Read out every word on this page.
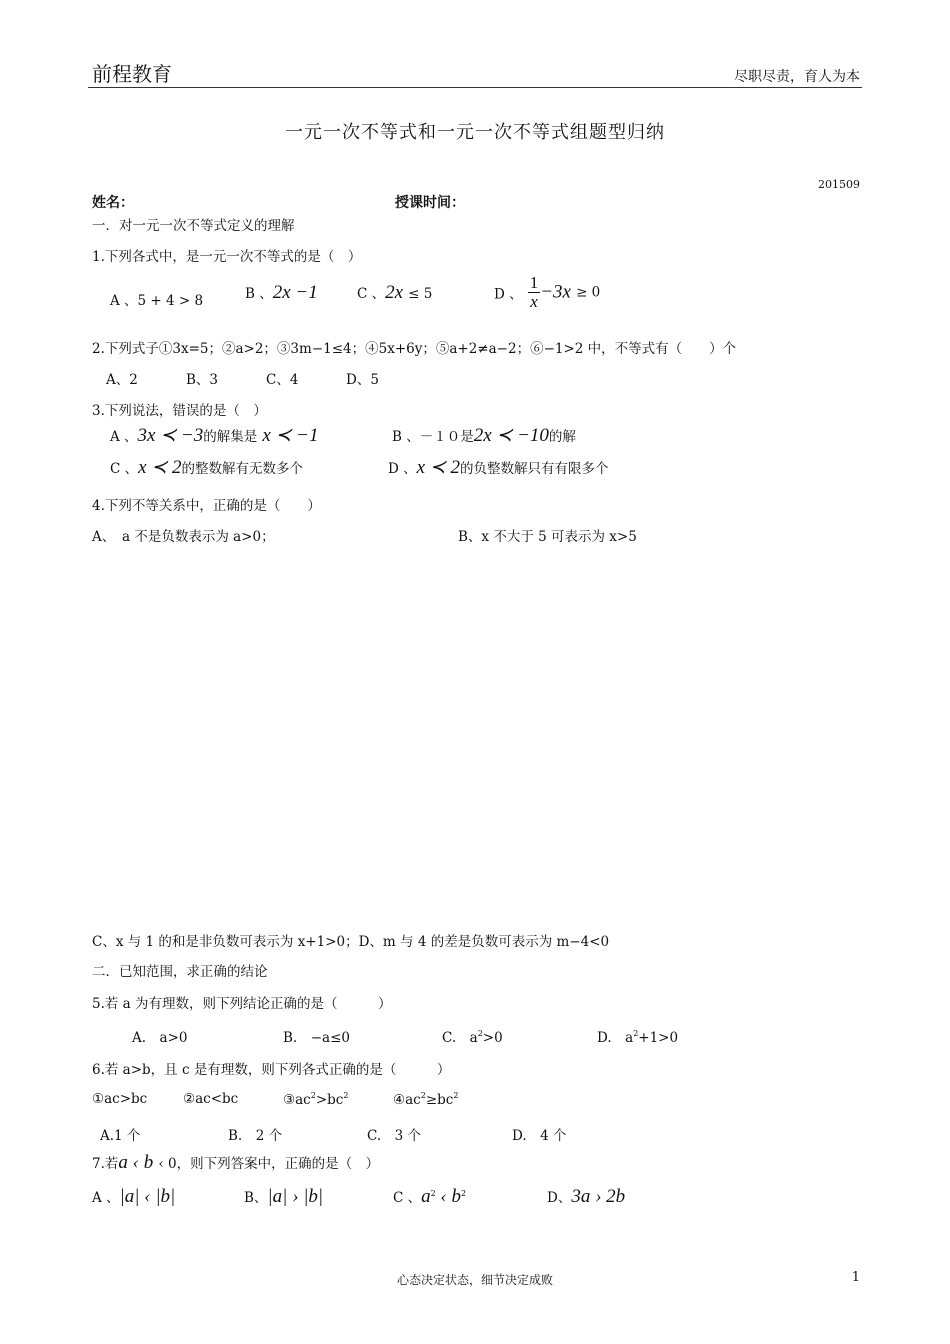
前程教育	尽职尽责，育人为本
一元一次不等式和一元一次不等式组题型归纳
201509
姓名：	授课时间：
一．对一元一次不等式定义的理解
1.下列各式中，是一元一次不等式的是（　）
A 、5 + 4 > 8	B 、2x −1	C 、2x ≤ 5	D 、 $\frac{1}{x} -3x \ge 0$
2.下列式子①3x=5；②a>2；③3m−1≤4；④5x+6y；⑤a+2≠a−2；⑥−1>2 中，不等式有（　　）个
A、2	B、3	C、4	D、5
3.下列说法，错误的是（　）
A 、3x ≺ −3的解集是 x ≺ −1	B 、－１０是2x ≺ −10的解
C 、x ≺ 2的整数解有无数多个	D 、x ≺ 2的负整数解只有有限多个
4.下列不等关系中，正确的是（　　）
A、　a 不是负数表示为 a>0；	B、x 不大于 5 可表示为 x>5
C、x 与 1 的和是非负数可表示为 x+1>0；D、m 与 4 的差是负数可表示为 m−4<0
二．已知范围，求正确的结论
5.若 a 为有理数，则下列结论正确的是（　　　）
A.　a>0	B.　−a≤0	C.　$a^2>0$	D.　$a^2+1>0$
6.若 a>b，且 c 是有理数，则下列各式正确的是（　　　）
①ac>bc	②ac<bc	$③ac^2>bc^2$	$④ac^2\ge bc^2$
A.1 个	B.　2 个	C.　3 个	D.　4 个
7.若a ‹ b ‹ 0，则下列答案中，正确的是（　）
A 、|a| ‹ |b|	B、|a| › |b|	C 、$a^2$ ‹ $b^2$	D、3a › 2b
心态决定状态，细节决定成败	1
